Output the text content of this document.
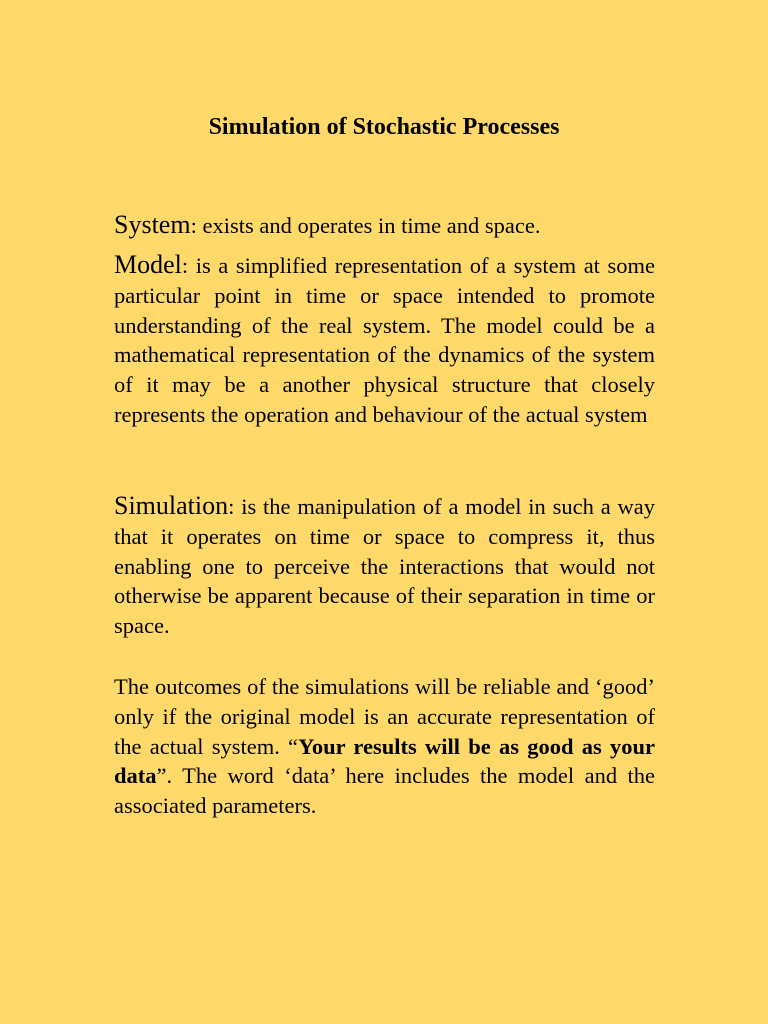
Simulation of Stochastic Processes

System: exists and operates in time and space.

Model: is a simplified representation of a system at some particular point in time or space intended to promote understanding of the real system. The model could be a mathematical representation of the dynamics of the system of it may be a another physical structure that closely represents the operation and behaviour of the actual system

Simulation: is the manipulation of a model in such a way that it operates on time or space to compress it, thus enabling one to perceive the interactions that would not otherwise be apparent because of their separation in time or space.

The outcomes of the simulations will be reliable and ‘good’ only if the original model is an accurate representation of the actual system. “Your results will be as good as your data”. The word ‘data’ here includes the model and the associated parameters.
